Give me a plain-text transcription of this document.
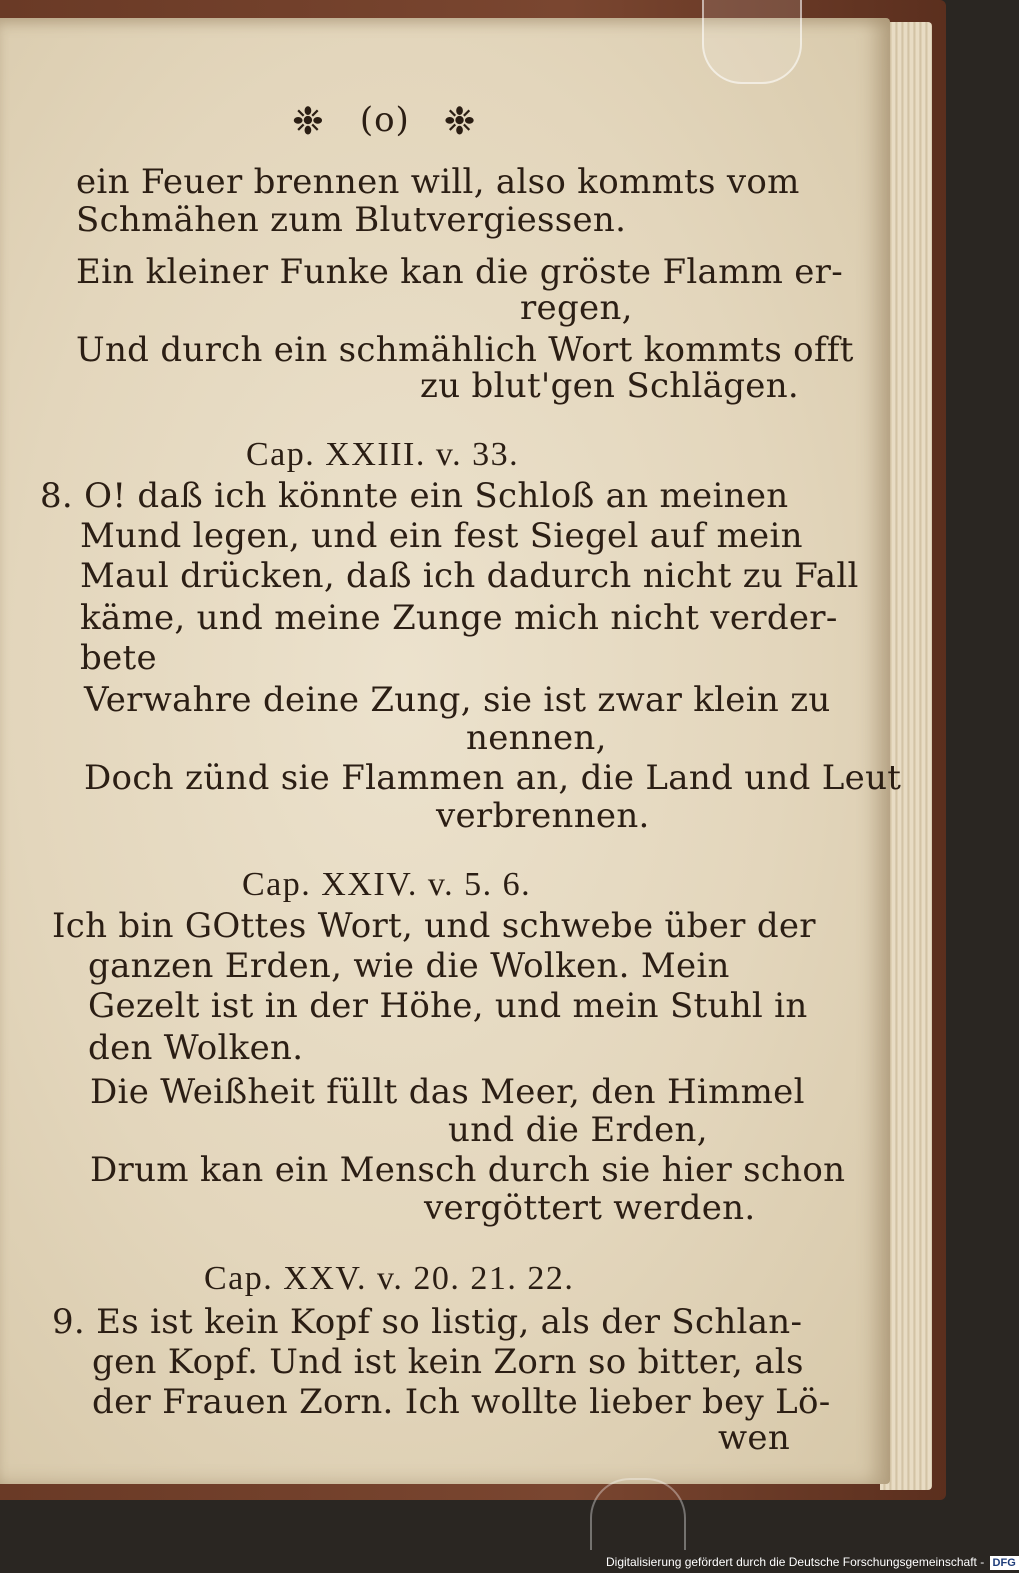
❉ (o) ❉
ein Feuer brennen will, also kommts vom
Schmähen zum Blutvergiessen.
Ein kleiner Funke kan die gröste Flamm er-
regen,
Und durch ein schmählich Wort kommts offt
zu blut'gen Schlägen.
Cap. XXIII. v. 33.
8. O! daß ich könnte ein Schloß an meinen
Mund legen, und ein fest Siegel auf mein
Maul drücken, daß ich dadurch nicht zu Fall
käme, und meine Zunge mich nicht verder-
bete
Verwahre deine Zung, sie ist zwar klein zu
nennen,
Doch zünd sie Flammen an, die Land und Leut
verbrennen.
Cap. XXIV. v. 5. 6.
Ich bin GOttes Wort, und schwebe über der
ganzen Erden, wie die Wolken. Mein
Gezelt ist in der Höhe, und mein Stuhl in
den Wolken.
Die Weißheit füllt das Meer, den Himmel
und die Erden,
Drum kan ein Mensch durch sie hier schon
vergöttert werden.
Cap. XXV. v. 20. 21. 22.
9. Es ist kein Kopf so listig, als der Schlan-
gen Kopf. Und ist kein Zorn so bitter, als
der Frauen Zorn. Ich wollte lieber bey Lö-
wen
Digitalisierung gefördert durch die Deutsche Forschungsgemeinschaft - DFG
